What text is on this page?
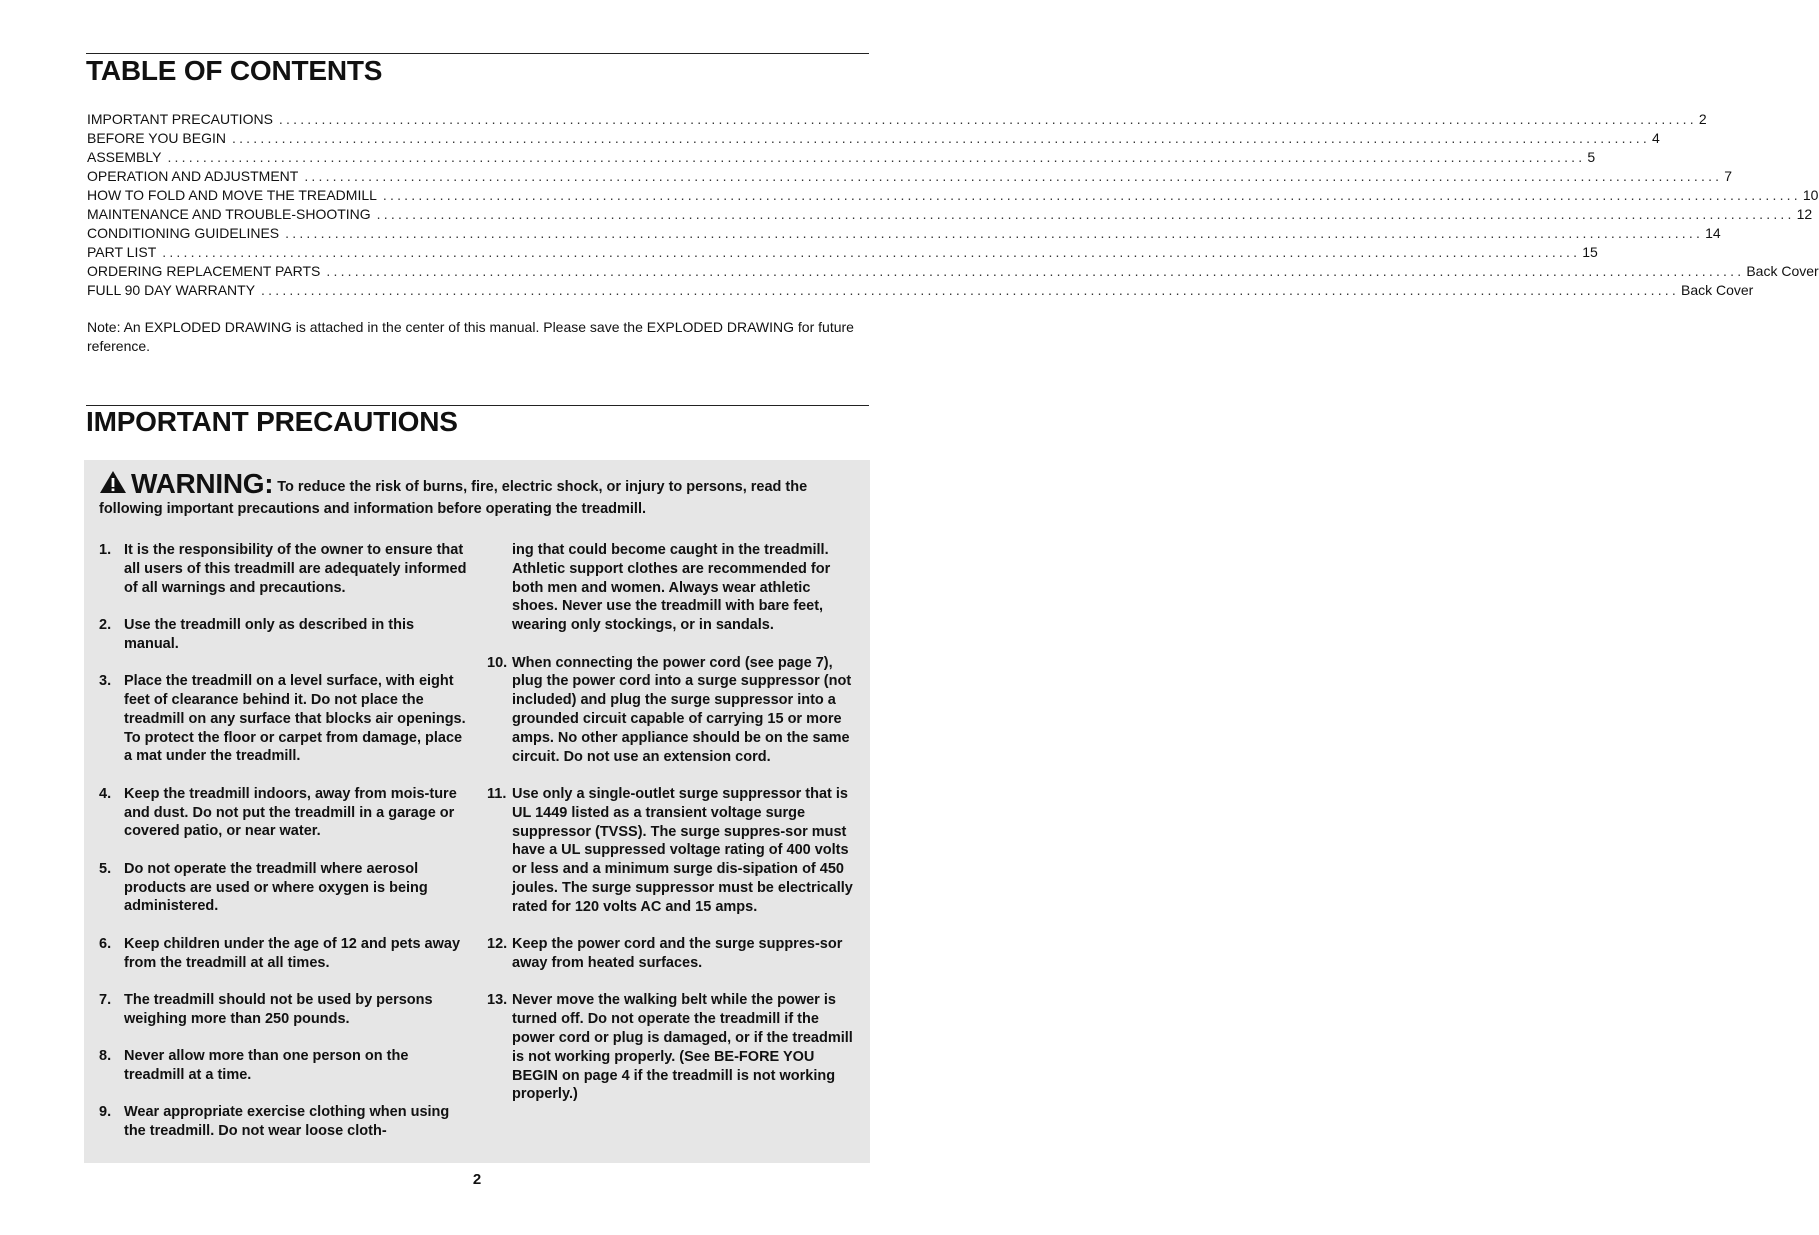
TABLE OF CONTENTS
IMPORTANT PRECAUTIONS ........................................................................................................................................................................................................ 2
BEFORE YOU BEGIN ........................................................................................................................................................................................................ 4
ASSEMBLY ........................................................................................................................................................................................................ 5
OPERATION AND ADJUSTMENT ........................................................................................................................................................................................................ 7
HOW TO FOLD AND MOVE THE TREADMILL ........................................................................................................................................................................................................ 10
MAINTENANCE AND TROUBLE-SHOOTING ........................................................................................................................................................................................................ 12
CONDITIONING GUIDELINES ........................................................................................................................................................................................................ 14
PART LIST ........................................................................................................................................................................................................ 15
ORDERING REPLACEMENT PARTS ........................................................................................................................................................................................................ Back Cover
FULL 90 DAY WARRANTY ........................................................................................................................................................................................................ Back Cover
Note: An EXPLODED DRAWING is attached in the center of this manual. Please save the EXPLODED DRAWING for future reference.
IMPORTANT PRECAUTIONS
WARNING: To reduce the risk of burns, fire, electric shock, or injury to persons, read the following important precautions and information before operating the treadmill.
1. It is the responsibility of the owner to ensure that all users of this treadmill are adequately informed of all warnings and precautions.
2. Use the treadmill only as described in this manual.
3. Place the treadmill on a level surface, with eight feet of clearance behind it. Do not place the treadmill on any surface that blocks air openings. To protect the floor or carpet from damage, place a mat under the treadmill.
4. Keep the treadmill indoors, away from mois-ture and dust. Do not put the treadmill in a garage or covered patio, or near water.
5. Do not operate the treadmill where aerosol products are used or where oxygen is being administered.
6. Keep children under the age of 12 and pets away from the treadmill at all times.
7. The treadmill should not be used by persons weighing more than 250 pounds.
8. Never allow more than one person on the treadmill at a time.
9. Wear appropriate exercise clothing when using the treadmill. Do not wear loose cloth-
ing that could become caught in the treadmill. Athletic support clothes are recommended for both men and women. Always wear athletic shoes. Never use the treadmill with bare feet, wearing only stockings, or in sandals.
10. When connecting the power cord (see page 7), plug the power cord into a surge suppressor (not included) and plug the surge suppressor into a grounded circuit capable of carrying 15 or more amps. No other appliance should be on the same circuit. Do not use an extension cord.
11. Use only a single-outlet surge suppressor that is UL 1449 listed as a transient voltage surge suppressor (TVSS). The surge suppres-sor must have a UL suppressed voltage rating of 400 volts or less and a minimum surge dis-sipation of 450 joules. The surge suppressor must be electrically rated for 120 volts AC and 15 amps.
12. Keep the power cord and the surge suppres-sor away from heated surfaces.
13. Never move the walking belt while the power is turned off. Do not operate the treadmill if the power cord or plug is damaged, or if the treadmill is not working properly. (See BE-FORE YOU BEGIN on page 4 if the treadmill is not working properly.)
2
